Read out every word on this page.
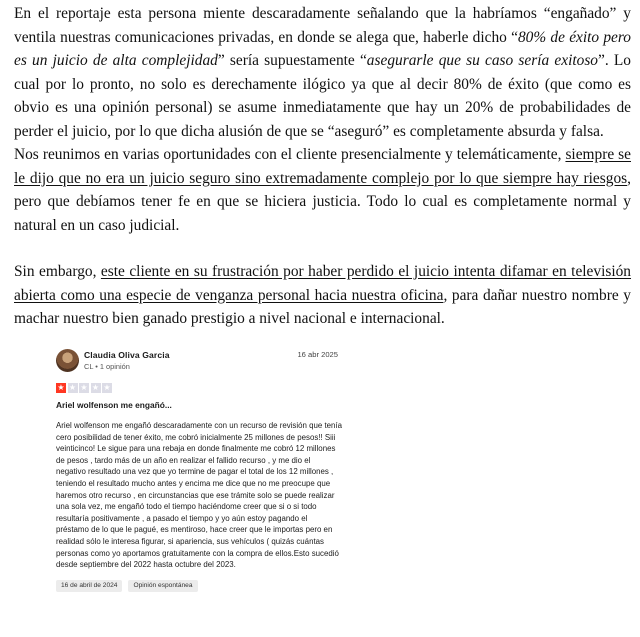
En el reportaje esta persona miente descaradamente señalando que la habríamos “engañado” y ventila nuestras comunicaciones privadas, en donde se alega que, haberle dicho “80% de éxito pero es un juicio de alta complejidad” sería supuestamente “asegurarle que su caso sería exitoso”. Lo cual por lo pronto, no solo es derechamente ilógico ya que al decir 80% de éxito (que como es obvio es una opinión personal) se asume inmediatamente que hay un 20% de probabilidades de perder el juicio, por lo que dicha alusión de que se “aseguró” es completamente absurda y falsa.

Nos reunimos en varias oportunidades con el cliente presencialmente y telemáticamente, siempre se le dijo que no era un juicio seguro sino extremadamente complejo por lo que siempre hay riesgos, pero que debíamos tener fe en que se hiciera justicia. Todo lo cual es completamente normal y natural en un caso judicial.

Sin embargo, este cliente en su frustración por haber perdido el juicio intenta difamar en televisión abierta como una especie de venganza personal hacia nuestra oficina, para dañar nuestro nombre y machar nuestro bien ganado prestigio a nivel nacional e internacional.

Claudia Oliva Garcia
CL • 1 opinión
16 abr 2025
★ ★ ★ ★ ★
Ariel wolfenson me engañó...
Ariel wolfenson me engañó descaradamente con un recurso de revisión que tenía cero posibilidad de tener éxito, me cobró inicialmente 25 millones de pesos!! Siii veinticinco! Le sigue para una rebaja en donde finalmente me cobró 12 millones de pesos , tardo más de un año en realizar el fallido recurso , y me dio el negativo resultado una vez que yo termine de pagar el total de los 12 millones , teniendo el resultado mucho antes y encima me dice que no me preocupe que haremos otro recurso , en circunstancias que ese trámite solo se puede realizar una sola vez, me engañó todo el tiempo haciéndome creer que si o si todo resultaría positivamente , a pasado el tiempo y yo aún estoy pagando el préstamo de lo que le pagué, es mentiroso, hace creer que le importas pero en realidad sólo le interesa figurar, si apariencia, sus vehículos ( quizás cuántas personas como yo aportamos gratuitamente con la compra de ellos.Esto sucedió desde septiembre del 2022 hasta octubre del 2023.
16 de abril de 2024	Opinión espontánea
